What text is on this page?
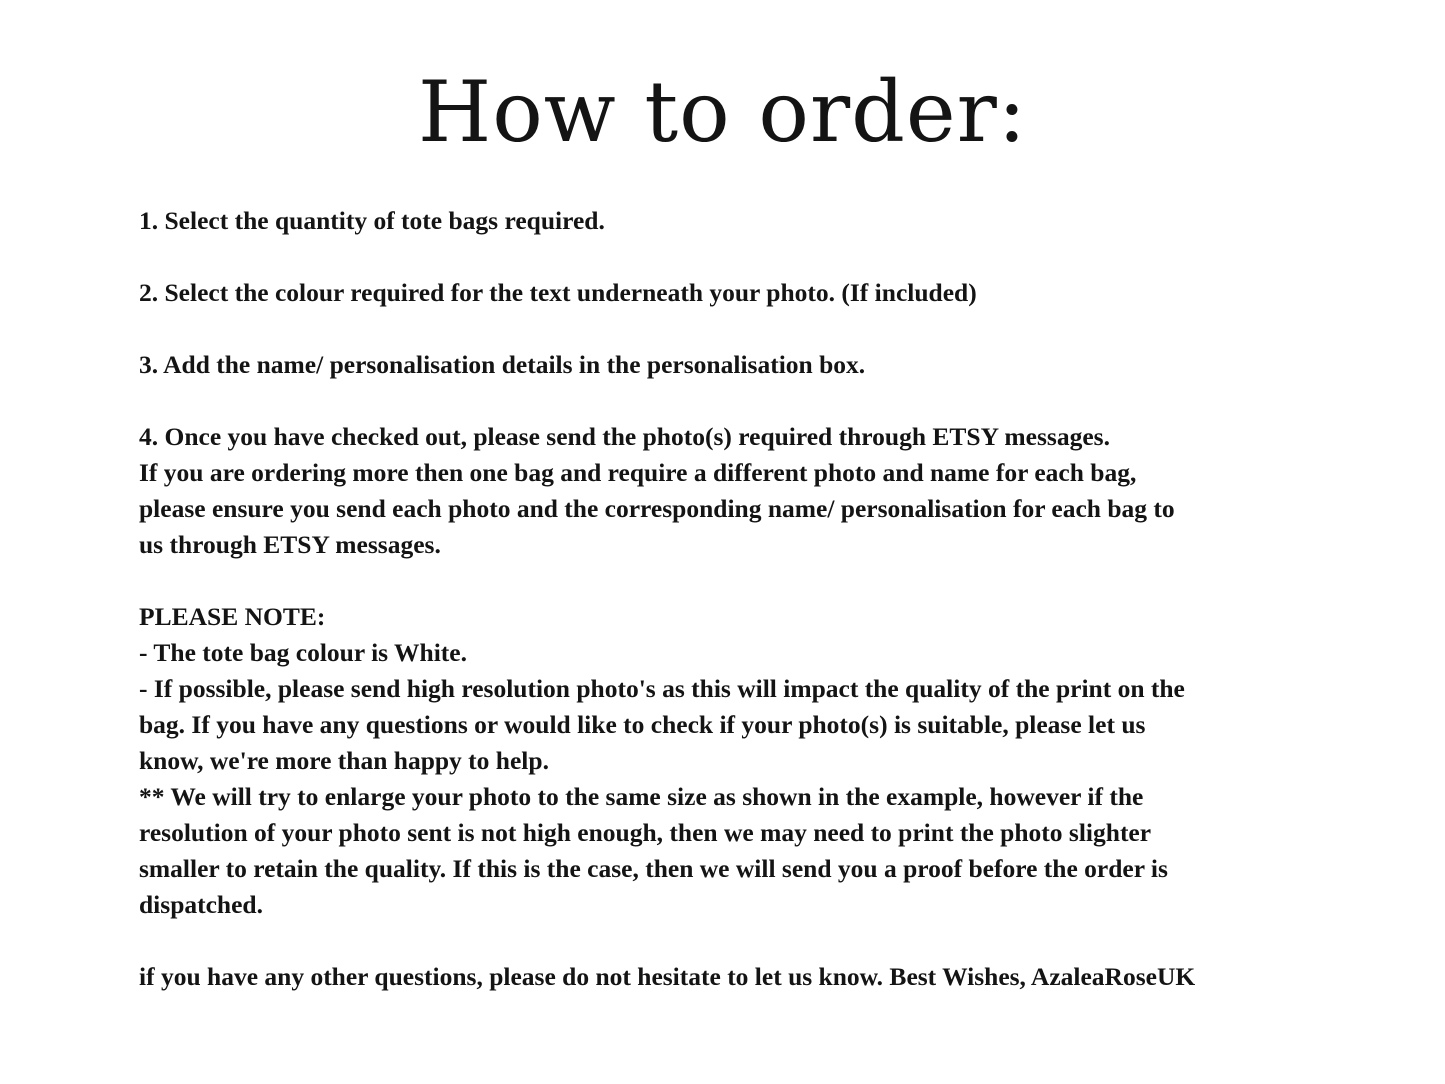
How to order:

1. Select the quantity of tote bags required.

2. Select the colour required for the text underneath your photo. (If included)

3. Add the name/ personalisation details in the personalisation box.

4. Once you have checked out, please send the photo(s) required through ETSY messages.

If you are ordering more then one bag and require a different photo and name for each bag,

please ensure you send each photo and the corresponding name/ personalisation for each bag to

us through ETSY messages.

PLEASE NOTE:

- The tote bag colour is White.

- If possible, please send high resolution photo's as this will impact the quality of the print on the

bag. If you have any questions or would like to check if your photo(s) is suitable, please let us

know, we're more than happy to help.

** We will try to enlarge your photo to the same size as shown in the example, however if the

resolution of your photo sent is not high enough, then we may need to print the photo slighter

smaller to retain the quality. If this is the case, then we will send you a proof before the order is

dispatched.

if you have any other questions, please do not hesitate to let us know. Best Wishes, AzaleaRoseUK
